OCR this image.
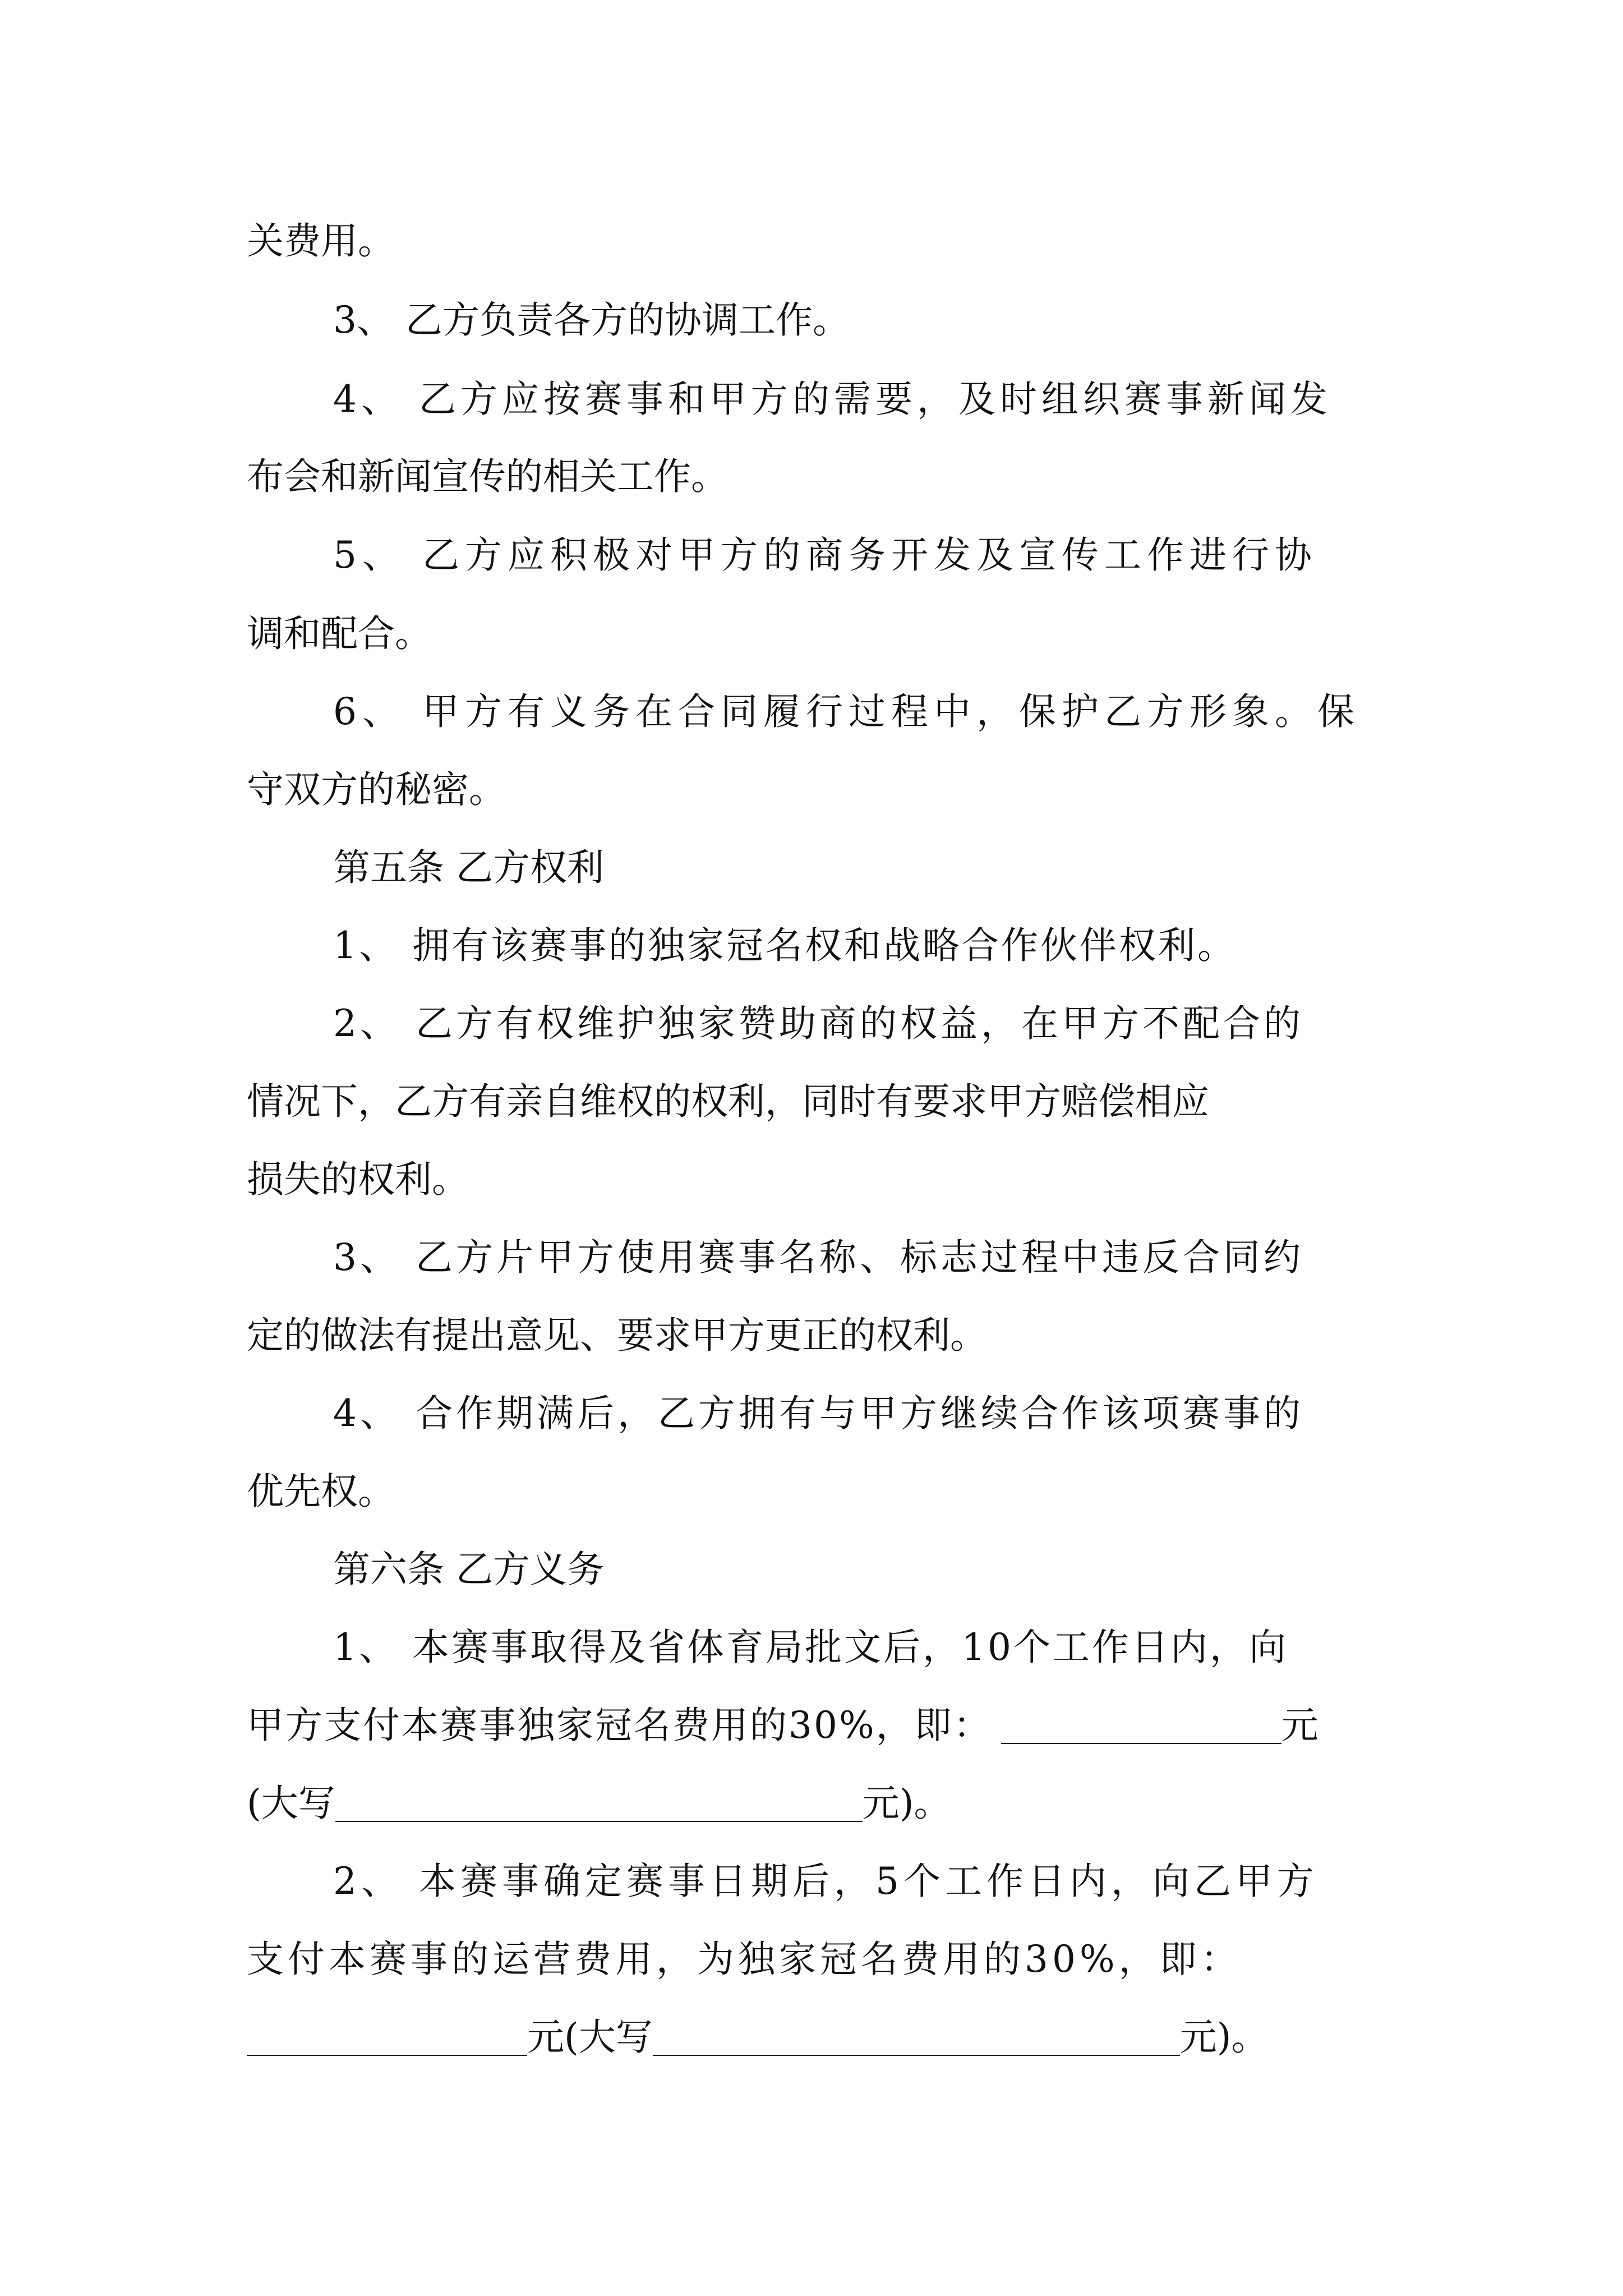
关费用。
3、 乙方负责各方的协调工作。
4、 乙方应按赛事和甲方的需要，及时组织赛事新闻发
布会和新闻宣传的相关工作。
5、 乙方应积极对甲方的商务开发及宣传工作进行协
调和配合。
6、 甲方有义务在合同履行过程中，保护乙方形象。保
守双方的秘密。
第五条 乙方权利
1、 拥有该赛事的独家冠名权和战略合作伙伴权利。
2、 乙方有权维护独家赞助商的权益，在甲方不配合的
情况下，乙方有亲自维权的权利，同时有要求甲方赔偿相应
损失的权利。
3、 乙方片甲方使用赛事名称、标志过程中违反合同约
定的做法有提出意见、要求甲方更正的权利。
4、 合作期满后，乙方拥有与甲方继续合作该项赛事的
优先权。
第六条 乙方义务
1、 本赛事取得及省体育局批文后，10个工作日内，向
甲方支付本赛事独家冠名费用的30%，即：	元
(大写	元)。
2、 本赛事确定赛事日期后，5个工作日内，向乙甲方
支付本赛事的运营费用，为独家冠名费用的30%，即：
元(大写	元)。
